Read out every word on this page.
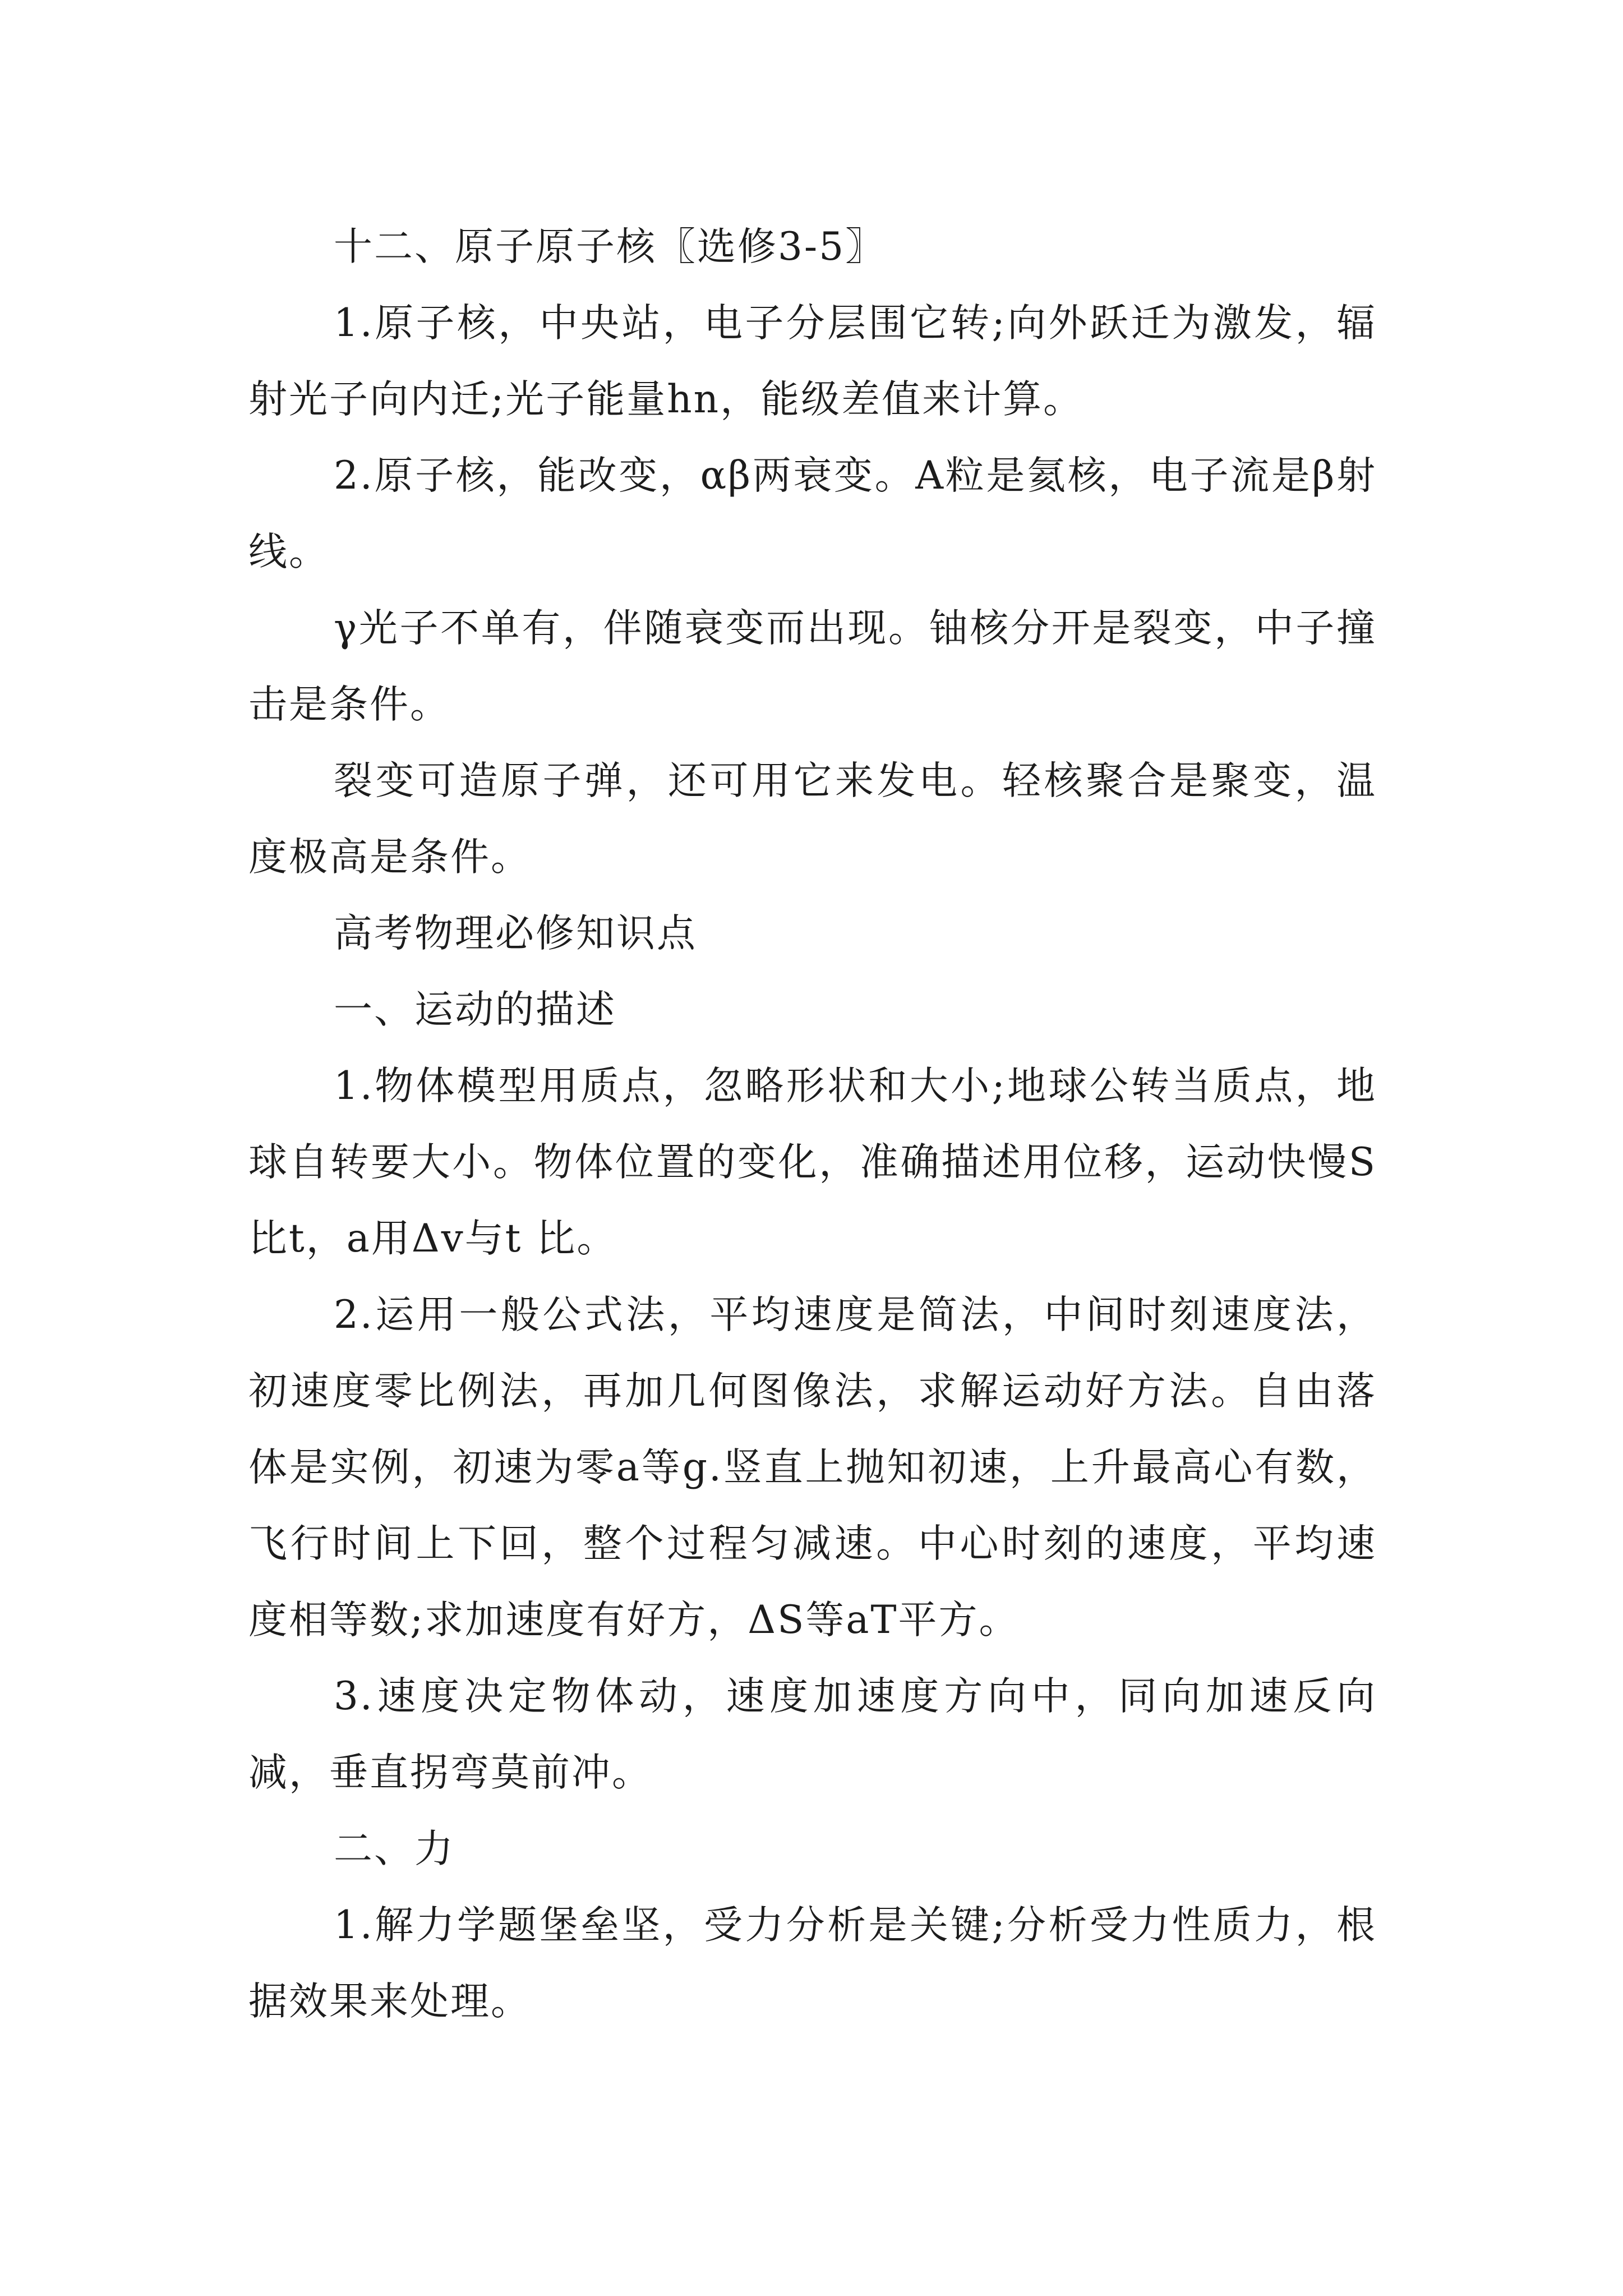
十二、原子原子核〖选修3-5〗

1.原子核，中央站，电子分层围它转;向外跃迁为激发，辐射光子向内迁;光子能量hn，能级差值来计算。

2.原子核，能改变，αβ两衰变。Α粒是氦核，电子流是β射线。

γ光子不单有，伴随衰变而出现。铀核分开是裂变，中子撞击是条件。

裂变可造原子弹，还可用它来发电。轻核聚合是聚变，温度极高是条件。

高考物理必修知识点

一、运动的描述

1.物体模型用质点，忽略形状和大小;地球公转当质点，地球自转要大小。物体位置的变化，准确描述用位移，运动快慢S比t，a用Δv与t 比。

2.运用一般公式法，平均速度是简法，中间时刻速度法，初速度零比例法，再加几何图像法，求解运动好方法。自由落体是实例，初速为零a等g.竖直上抛知初速，上升最高心有数，飞行时间上下回，整个过程匀减速。中心时刻的速度，平均速度相等数;求加速度有好方，ΔS等aT平方。

3.速度决定物体动，速度加速度方向中，同向加速反向减，垂直拐弯莫前冲。

二、力

1.解力学题堡垒坚，受力分析是关键;分析受力性质力，根据效果来处理。
